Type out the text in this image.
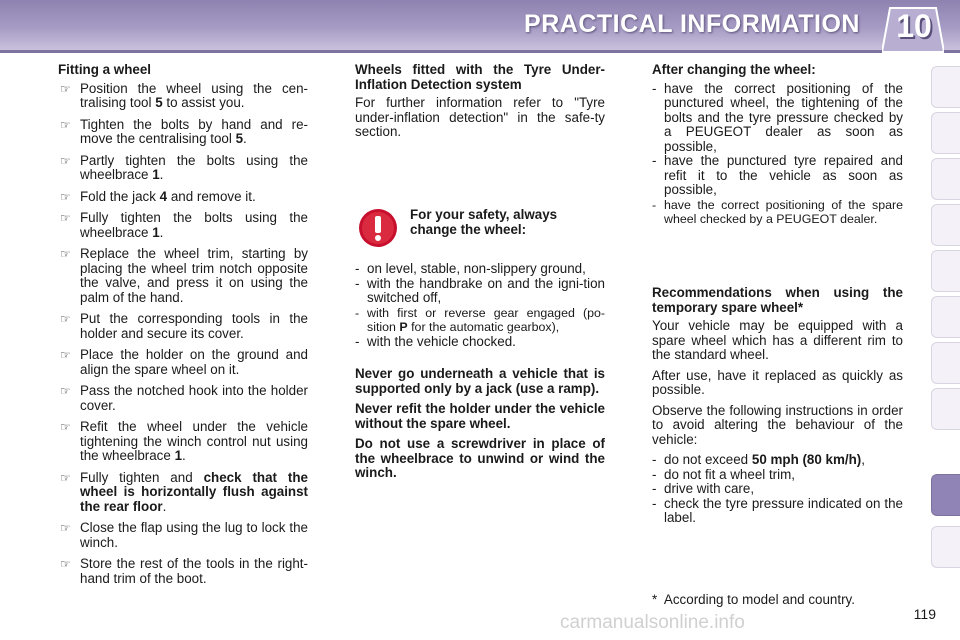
PRACTICAL INFORMATION 10
Fitting a wheel
☞ Position the wheel using the cen-tralising tool 5 to assist you.
☞ Tighten the bolts by hand and re-move the centralising tool 5.
☞ Partly tighten the bolts using the wheelbrace 1.
☞ Fold the jack 4 and remove it.
☞ Fully tighten the bolts using the wheelbrace 1.
☞ Replace the wheel trim, starting by placing the wheel trim notch opposite the valve, and press it on using the palm of the hand.
☞ Put the corresponding tools in the holder and secure its cover.
☞ Place the holder on the ground and align the spare wheel on it.
☞ Pass the notched hook into the holder cover.
☞ Refit the wheel under the vehicle tightening the winch control nut using the wheelbrace 1.
☞ Fully tighten and check that the wheel is horizontally flush against the rear floor.
☞ Close the flap using the lug to lock the winch.
☞ Store the rest of the tools in the right-hand trim of the boot.
Wheels fitted with the Tyre Under-Inflation Detection system

For further information refer to "Tyre under-inflation detection" in the safe-ty section.

For your safety, always change the wheel:
- on level, stable, non-slippery ground,
- with the handbrake on and the igni-tion switched off,
- with first or reverse gear engaged (po-sition P for the automatic gearbox),
- with the vehicle chocked.

Never go underneath a vehicle that is supported only by a jack (use a ramp).

Never refit the holder under the vehicle without the spare wheel.

Do not use a screwdriver in place of the wheelbrace to unwind or wind the winch.

After changing the wheel:
- have the correct positioning of the punctured wheel, the tightening of the bolts and the tyre pressure checked by a PEUGEOT dealer as soon as possible,
- have the punctured tyre repaired and refit it to the vehicle as soon as possible,
- have the correct positioning of the spare wheel checked by a PEUGEOT dealer.
Recommendations when using the temporary spare wheel*

Your vehicle may be equipped with a spare wheel which has a different rim to the standard wheel.

After use, have it replaced as quickly as possible.

Observe the following instructions in order to avoid altering the behaviour of the vehicle:

- do not exceed 50 mph (80 km/h),
- do not fit a wheel trim,
- drive with care,
- check the tyre pressure indicated on the label.
* According to model and country.
carmanualsonline.info	119
